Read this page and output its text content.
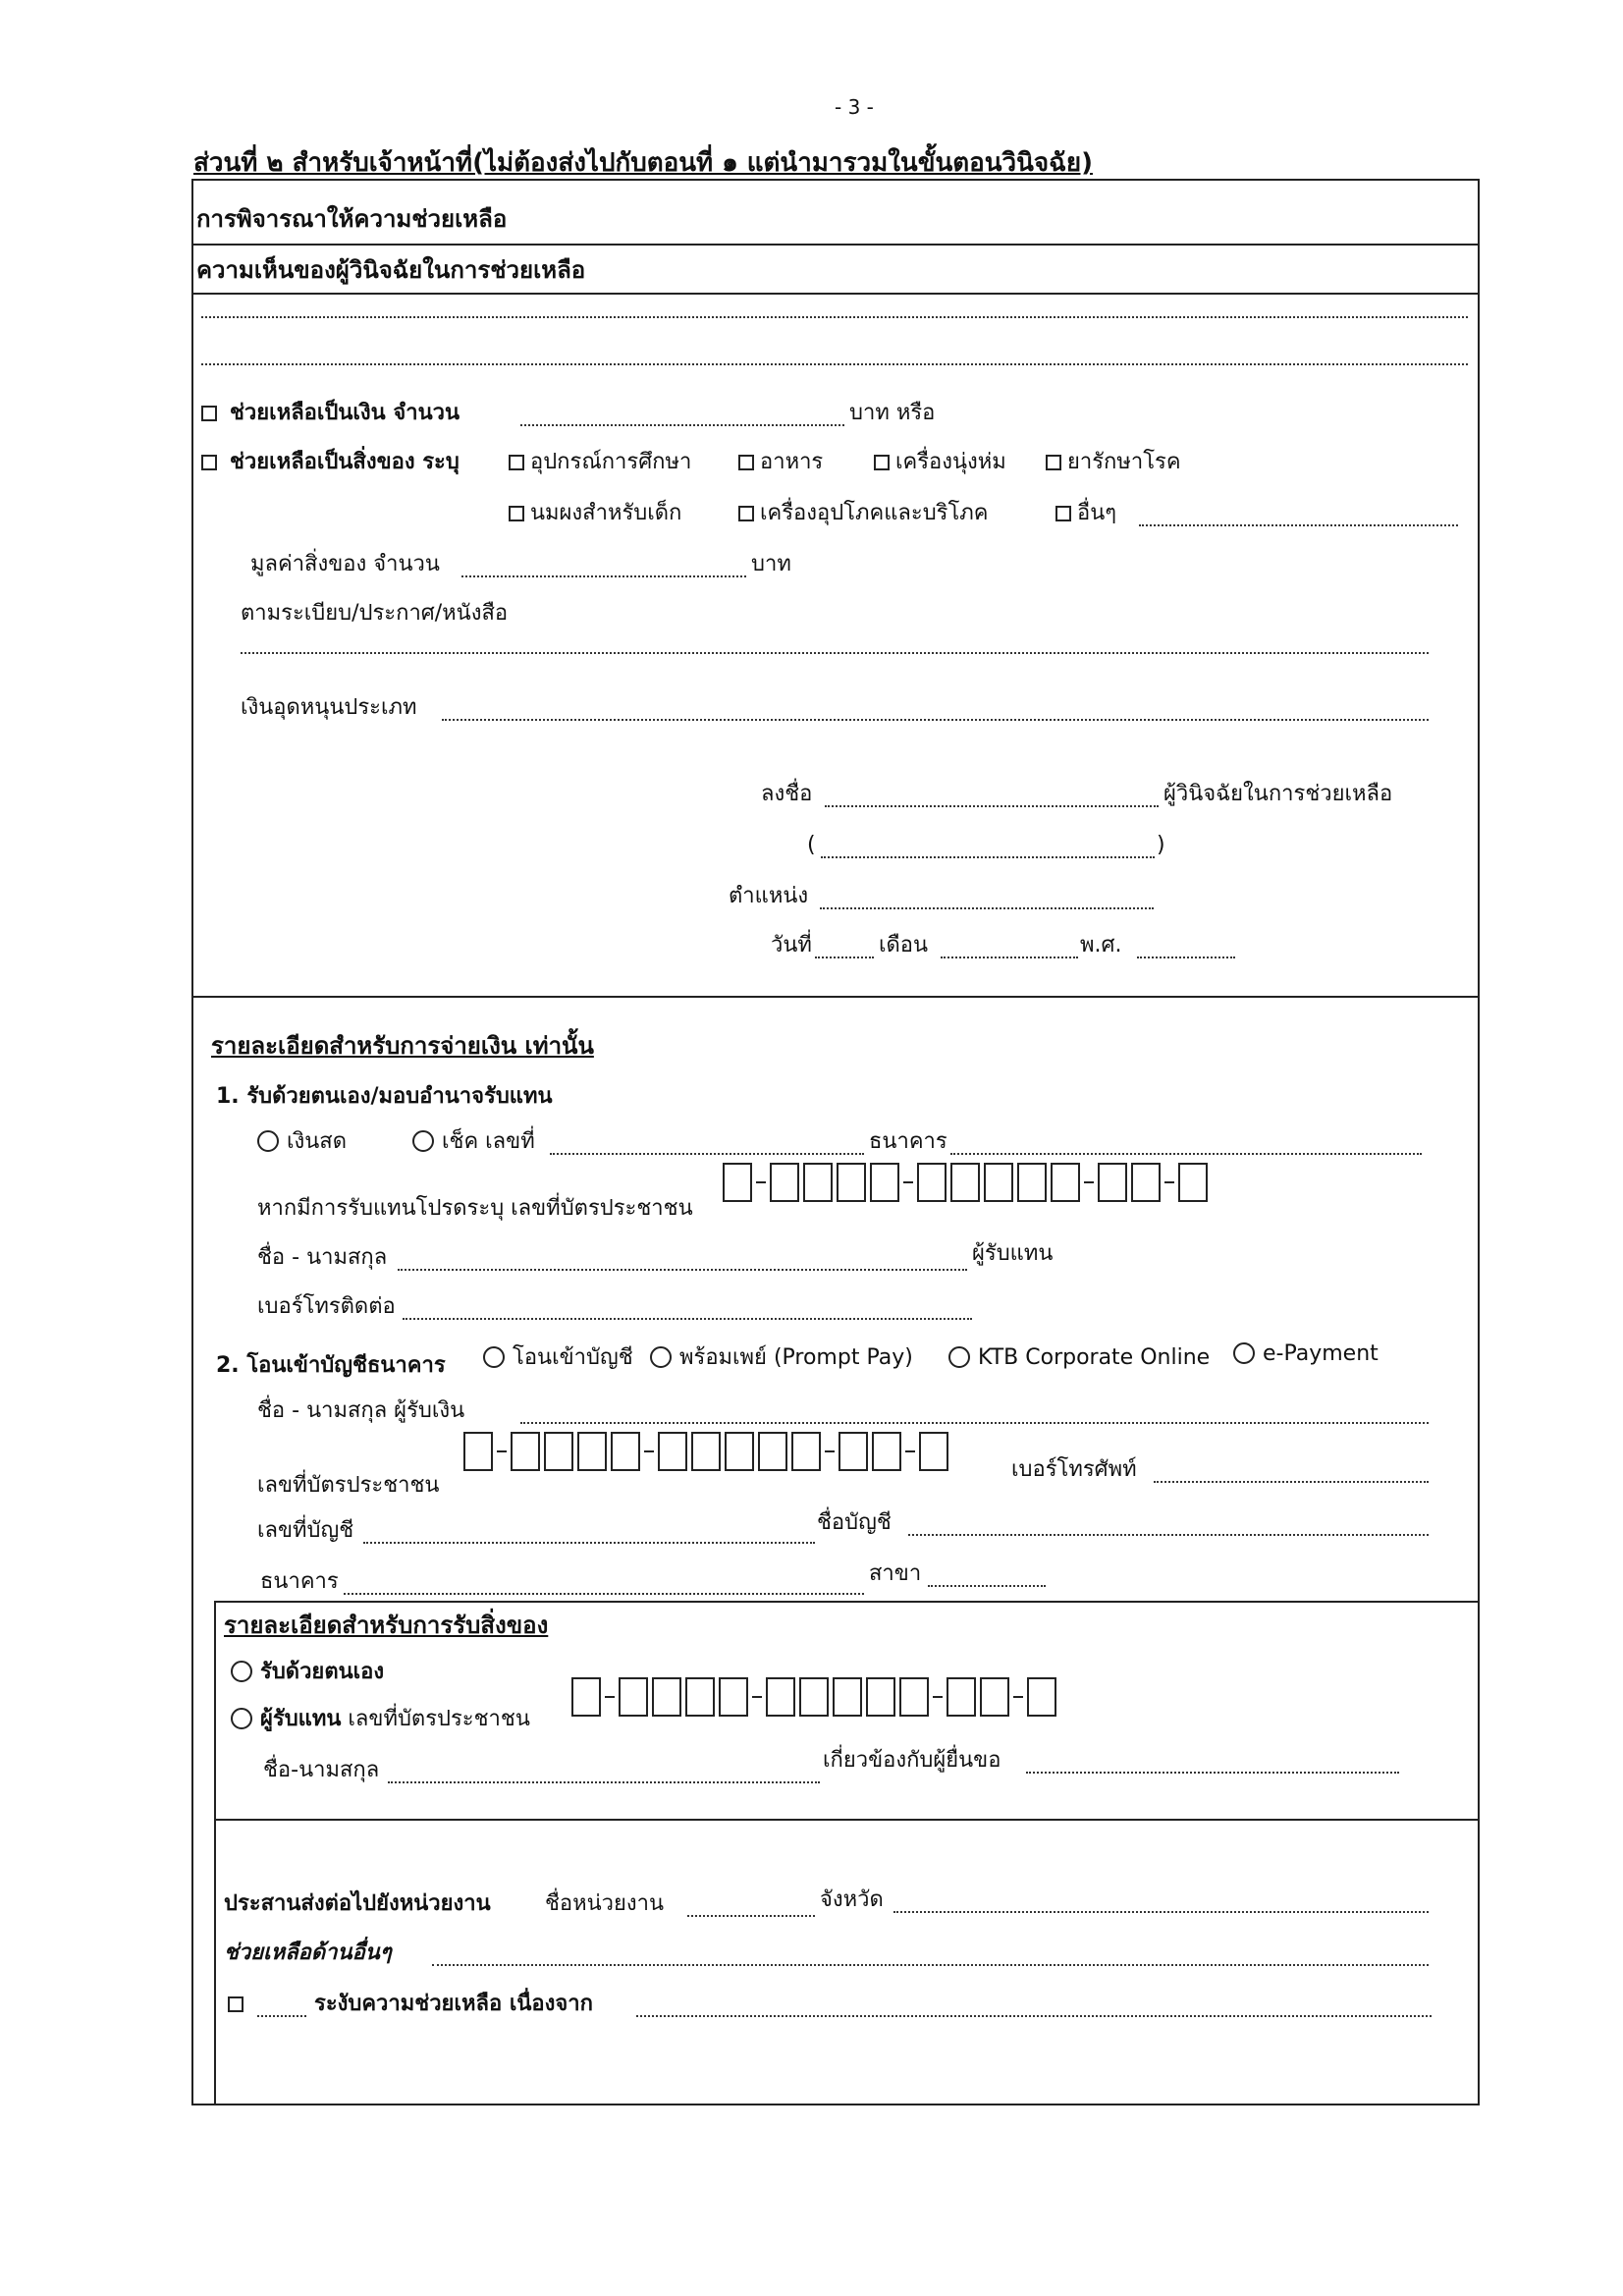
- 3 -
ส่วนที่ ๒ สำหรับเจ้าหน้าที่(ไม่ต้องส่งไปกับตอนที่ ๑ แต่นำมารวมในขั้นตอนวินิจฉัย)
การพิจารณาให้ความช่วยเหลือ
ความเห็นของผู้วินิจฉัยในการช่วยเหลือ
ช่วยเหลือเป็นเงิน จำนวน	บาท หรือ
ช่วยเหลือเป็นสิ่งของ ระบุ	อุปกรณ์การศึกษา	อาหาร	เครื่องนุ่งห่ม	ยารักษาโรค
นมผงสำหรับเด็ก	เครื่องอุปโภคและบริโภค	อื่นๆ
มูลค่าสิ่งของ จำนวน	บาท
ตามระเบียบ/ประกาศ/หนังสือ
เงินอุดหนุนประเภท
ลงชื่อ	ผู้วินิจฉัยในการช่วยเหลือ
(	)
ตำแหน่ง
วันที่	เดือน	พ.ศ.
รายละเอียดสำหรับการจ่ายเงิน เท่านั้น
1. รับด้วยตนเอง/มอบอำนาจรับแทน
เงินสด	เช็ค เลขที่	ธนาคาร
หากมีการรับแทนโปรดระบุ เลขที่บัตรประชาชน
ชื่อ - นามสกุล	ผู้รับแทน
เบอร์โทรติดต่อ
2. โอนเข้าบัญชีธนาคาร	โอนเข้าบัญชี	พร้อมเพย์ (Prompt Pay)	KTB Corporate Online	e-Payment
ชื่อ - นามสกุล ผู้รับเงิน
เลขที่บัตรประชาชน
เบอร์โทรศัพท์
เลขที่บัญชี	ชื่อบัญชี
ธนาคาร	สาขา
รายละเอียดสำหรับการรับสิ่งของ
รับด้วยตนเอง
ผู้รับแทน เลขที่บัตรประชาชน
ชื่อ-นามสกุล	เกี่ยวข้องกับผู้ยื่นขอ
ประสานส่งต่อไปยังหน่วยงาน	ชื่อหน่วยงาน	จังหวัด
ช่วยเหลือด้านอื่นๆ
ระงับความช่วยเหลือ เนื่องจาก
